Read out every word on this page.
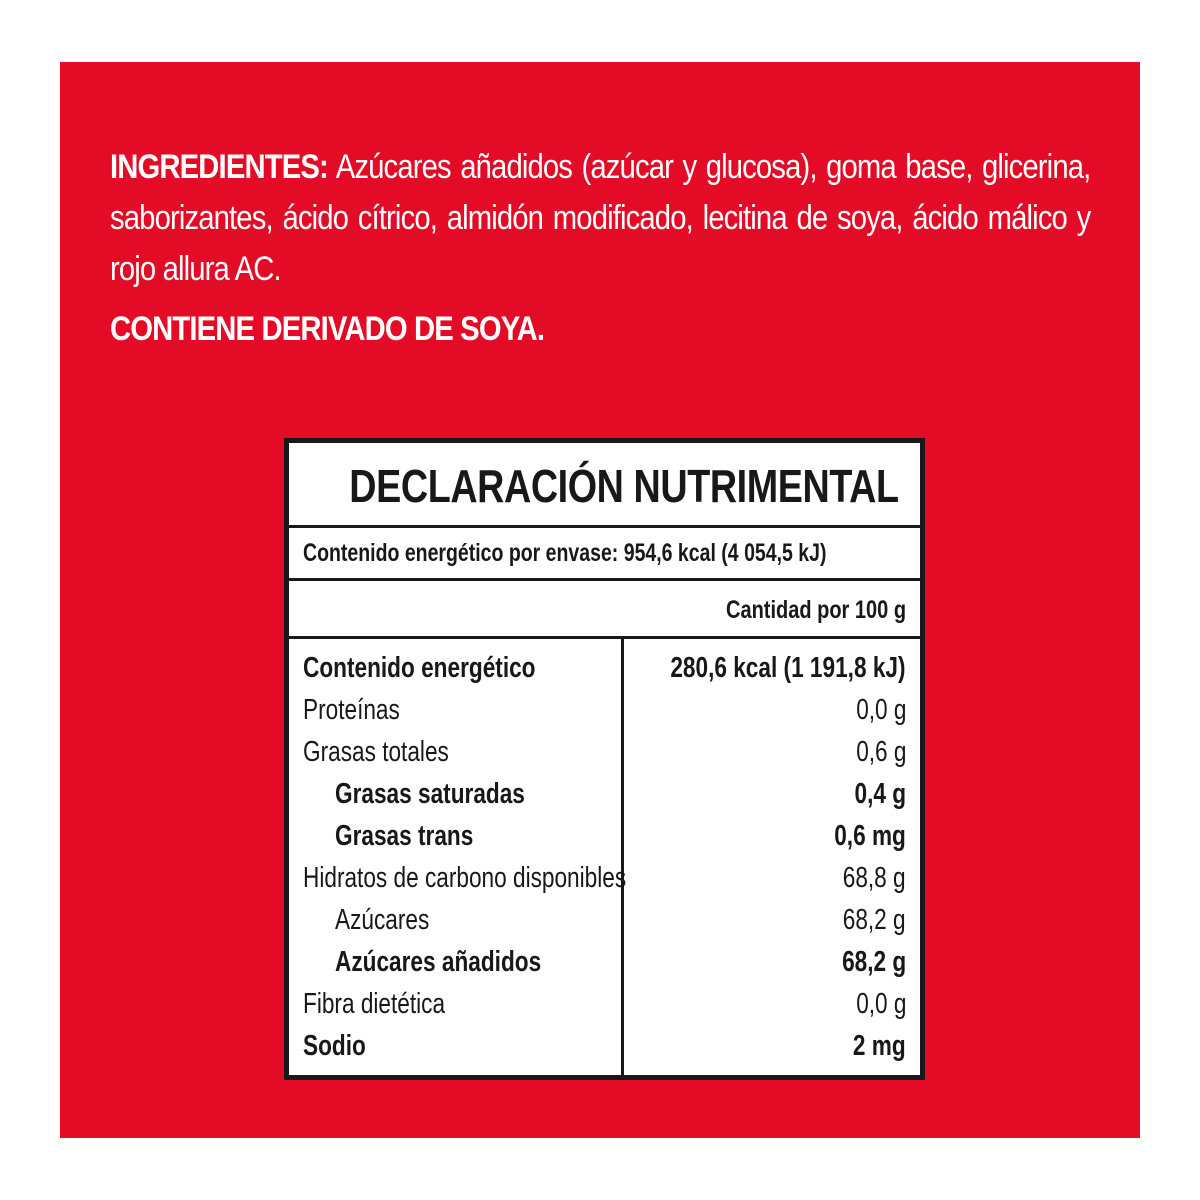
INGREDIENTES: Azúcares añadidos (azúcar y glucosa), goma base, glicerina, saborizantes, ácido cítrico, almidón modificado, lecitina de soya, ácido málico y rojo allura AC.
CONTIENE DERIVADO DE SOYA.
DECLARACIÓN NUTRIMENTAL
Contenido energético por envase: 954,6 kcal (4 054,5 kJ)
Cantidad por 100 g
Contenido energético	280,6 kcal (1 191,8 kJ)
Proteínas	0,0 g
Grasas totales	0,6 g
Grasas saturadas	0,4 g
Grasas trans	0,6 mg
Hidratos de carbono disponibles	68,8 g
Azúcares	68,2 g
Azúcares añadidos	68,2 g
Fibra dietética	0,0 g
Sodio	2 mg
